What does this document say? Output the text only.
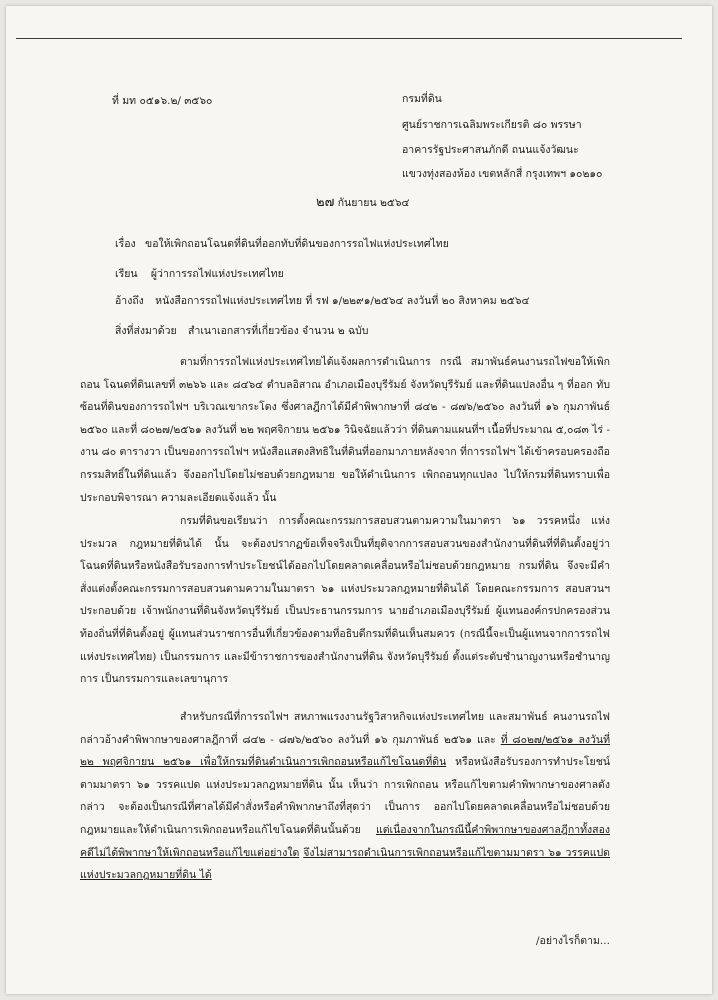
ที่ มท ๐๕๑๖.๒/ ๓๕๖๐	กรมที่ดิน
ศูนย์ราชการเฉลิมพระเกียรติ ๘๐ พรรษา
อาคารรัฐประศาสนภักดี ถนนแจ้งวัฒนะ
แขวงทุ่งสองห้อง เขตหลักสี่ กรุงเทพฯ ๑๐๒๑๐
๒๗ กันยายน ๒๕๖๔
เรื่อง ขอให้เพิกถอนโฉนดที่ดินที่ออกทับที่ดินของการรถไฟแห่งประเทศไทย
เรียน ผู้ว่าการรถไฟแห่งประเทศไทย
อ้างถึง หนังสือการรถไฟแห่งประเทศไทย ที่ รฟ ๑/๒๒๙๑/๒๕๖๔ ลงวันที่ ๒๐ สิงหาคม ๒๕๖๔
สิ่งที่ส่งมาด้วย สำเนาเอกสารที่เกี่ยวข้อง จำนวน ๒ ฉบับ
ตามที่การรถไฟแห่งประเทศไทยได้แจ้งผลการดำเนินการ กรณี สมาพันธ์คนงานรถไฟขอให้เพิกถอน โฉนดที่ดินเลขที่ ๓๒๖๖ และ ๘๔๖๔ ตำบลอิสาณ อำเภอเมืองบุรีรัมย์ จังหวัดบุรีรัมย์ และที่ดินแปลงอื่น ๆ ที่ออก ทับซ้อนที่ดินของการรถไฟฯ บริเวณเขากระโดง ซึ่งศาลฎีกาได้มีคำพิพากษาที่ ๘๔๒ - ๘๗๖/๒๕๖๐ ลงวันที่ ๑๖ กุมภาพันธ์ ๒๕๖๐ และที่ ๘๐๒๗/๒๕๖๑ ลงวันที่ ๒๒ พฤศจิกายน ๒๕๖๑ วินิจฉัยแล้วว่า ที่ดินตามแผนที่ฯ เนื้อที่ประมาณ ๕,๐๘๓ ไร่ - งาน ๘๐ ตารางวา เป็นของการรถไฟฯ หนังสือแสดงสิทธิในที่ดินที่ออกมาภายหลังจาก ที่การรถไฟฯ ได้เข้าครอบครองถือกรรมสิทธิ์ในที่ดินแล้ว จึงออกไปโดยไม่ชอบด้วยกฎหมาย ขอให้ดำเนินการ เพิกถอนทุกแปลง ไปให้กรมที่ดินทราบเพื่อประกอบพิจารณา ความละเอียดแจ้งแล้ว นั้น
กรมที่ดินขอเรียนว่า การตั้งคณะกรรมการสอบสวนตามความในมาตรา ๖๑ วรรคหนึ่ง แห่งประมวล กฎหมายที่ดินได้ นั้น จะต้องปรากฏข้อเท็จจริงเป็นที่ยุติจากการสอบสวนของสำนักงานที่ดินที่ที่ดินตั้งอยู่ว่า โฉนดที่ดินหรือหนังสือรับรองการทำประโยชน์ได้ออกไปโดยคลาดเคลื่อนหรือไม่ชอบด้วยกฎหมาย กรมที่ดิน จึงจะมีคำสั่งแต่งตั้งคณะกรรมการสอบสวนตามความในมาตรา ๖๑ แห่งประมวลกฎหมายที่ดินได้ โดยคณะกรรมการ สอบสวนฯ ประกอบด้วย เจ้าพนักงานที่ดินจังหวัดบุรีรัมย์ เป็นประธานกรรมการ นายอำเภอเมืองบุรีรัมย์ ผู้แทนองค์กรปกครองส่วนท้องถิ่นที่ที่ดินตั้งอยู่ ผู้แทนส่วนราชการอื่นที่เกี่ยวข้องตามที่อธิบดีกรมที่ดินเห็นสมควร (กรณีนี้จะเป็นผู้แทนจากการรถไฟแห่งประเทศไทย) เป็นกรรมการ และมีข้าราชการของสำนักงานที่ดิน จังหวัดบุรีรัมย์ ตั้งแต่ระดับชำนาญงานหรือชำนาญการ เป็นกรรมการและเลขานุการ
สำหรับกรณีที่การรถไฟฯ สหภาพแรงงานรัฐวิสาหกิจแห่งประเทศไทย และสมาพันธ์ คนงานรถไฟ กล่าวอ้างคำพิพากษาของศาลฎีกาที่ ๘๔๒ - ๘๗๖/๒๕๖๐ ลงวันที่ ๑๖ กุมภาพันธ์ ๒๕๖๑ และ ที่ ๘๐๒๗/๒๕๖๑ ลงวันที่ ๒๒ พฤศจิกายน ๒๕๖๑ เพื่อให้กรมที่ดินดำเนินการเพิกถอนหรือแก้ไขโฉนดที่ดิน หรือหนังสือรับรองการทำประโยชน์ ตามมาตรา ๖๑ วรรคแปด แห่งประมวลกฎหมายที่ดิน นั้น เห็นว่า การเพิกถอน หรือแก้ไขตามคำพิพากษาของศาลดังกล่าว จะต้องเป็นกรณีที่ศาลได้มีคำสั่งหรือคำพิพากษาถึงที่สุดว่า เป็นการ ออกไปโดยคลาดเคลื่อนหรือไม่ชอบด้วยกฎหมายและให้ดำเนินการเพิกถอนหรือแก้ไขโฉนดที่ดินนั้นด้วย แต่เนื่องจากในกรณีนี้คำพิพากษาของศาลฎีกาทั้งสองคดีไม่ได้พิพากษาให้เพิกถอนหรือแก้ไขแต่อย่างใด จึงไม่สามารถดำเนินการเพิกถอนหรือแก้ไขตามมาตรา ๖๑ วรรคแปด แห่งประมวลกฎหมายที่ดิน ได้
/อย่างไรก็ตาม...
